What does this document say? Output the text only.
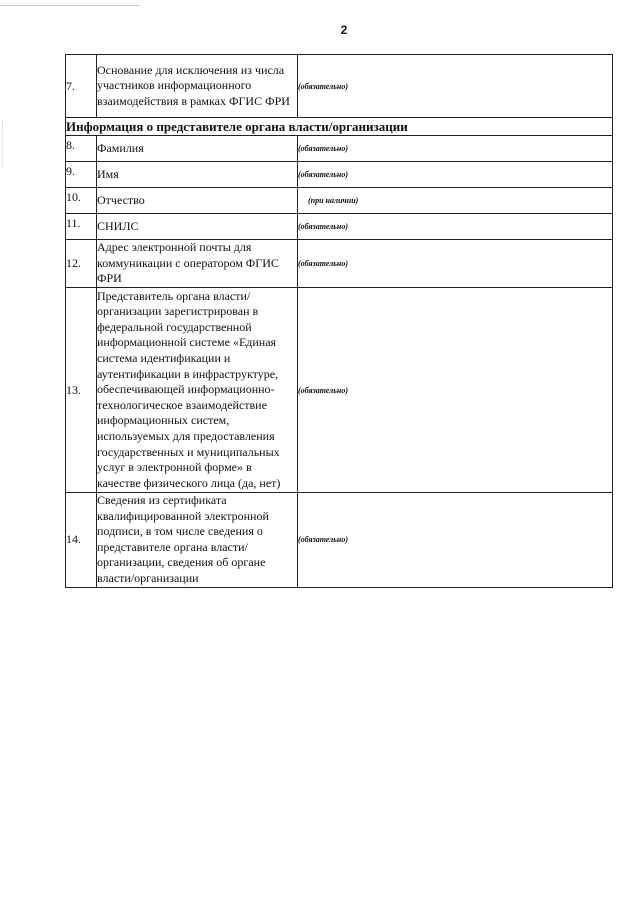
2
7.	Основание для исключения из числа участников информационного взаимодействия в рамках ФГИС ФРИ	(обязательно)
Информация о представителе органа власти/организации		
8.	Фамилия	(обязательно)
9.	Имя	(обязательно)
10.	Отчество	(при наличии)
11.	СНИЛС	(обязательно)
12.	Адрес электронной почты для коммуникации с оператором ФГИС ФРИ	(обязательно)
13.	Представитель органа власти/организации зарегистрирован в федеральной государственной информационной системе «Единая система идентификации и аутентификации в инфраструктуре, обеспечивающей информационно-технологическое взаимодействие информационных систем, используемых для предоставления государственных и муниципальных услуг в электронной форме» в качестве физического лица (да, нет)	(обязательно)
14.	Сведения из сертификата квалифицированной электронной подписи, в том числе сведения о представителе органа власти/организации, сведения об органе власти/организации	(обязательно)
